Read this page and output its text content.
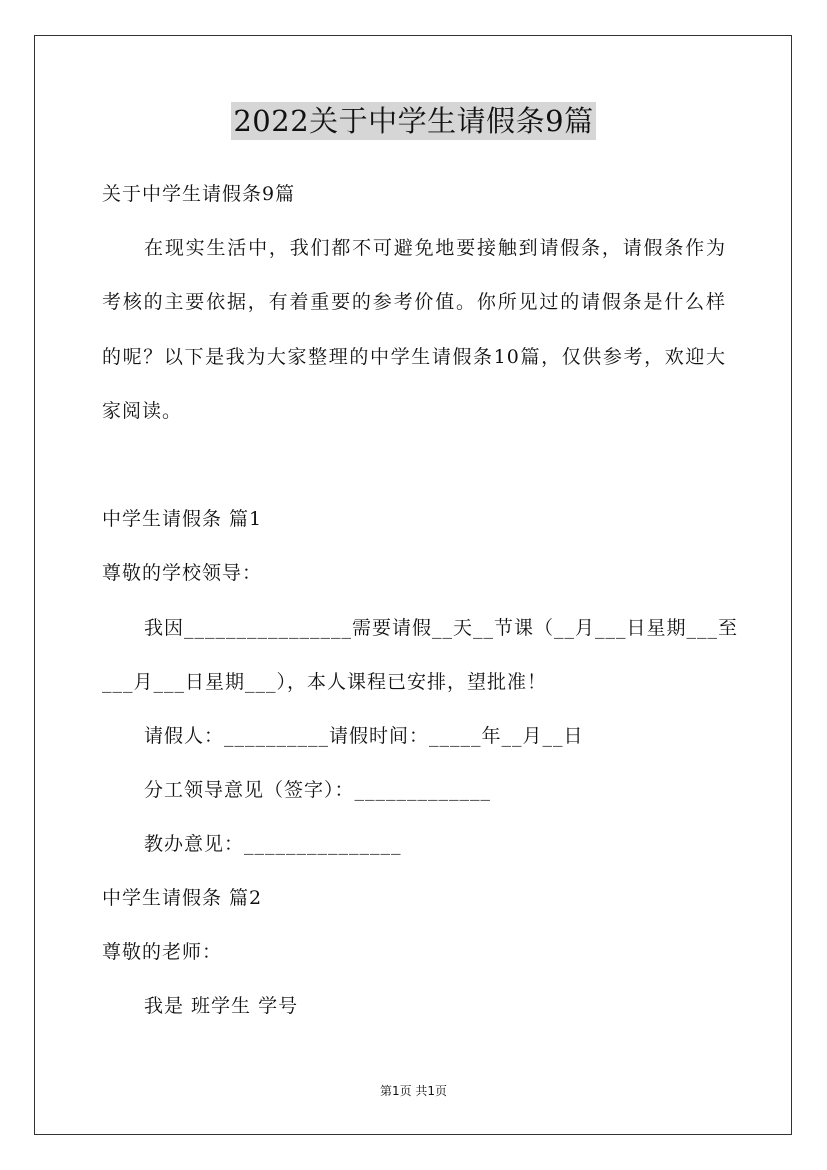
2022关于中学生请假条9篇
关于中学生请假条9篇
在现实生活中，我们都不可避免地要接触到请假条，请假条作为
考核的主要依据，有着重要的参考价值。你所见过的请假条是什么样
的呢？以下是我为大家整理的中学生请假条10篇，仅供参考，欢迎大
家阅读。
中学生请假条 篇1
尊敬的学校领导：
我因________________需要请假__天__节课（__月___日星期___至
___月___日星期___），本人课程已安排，望批准！
请假人：__________请假时间：_____年__月__日
分工领导意见（签字）：_____________
教办意见：_______________
中学生请假条 篇2
尊敬的老师：
我是 班学生 学号
第1页 共1页
